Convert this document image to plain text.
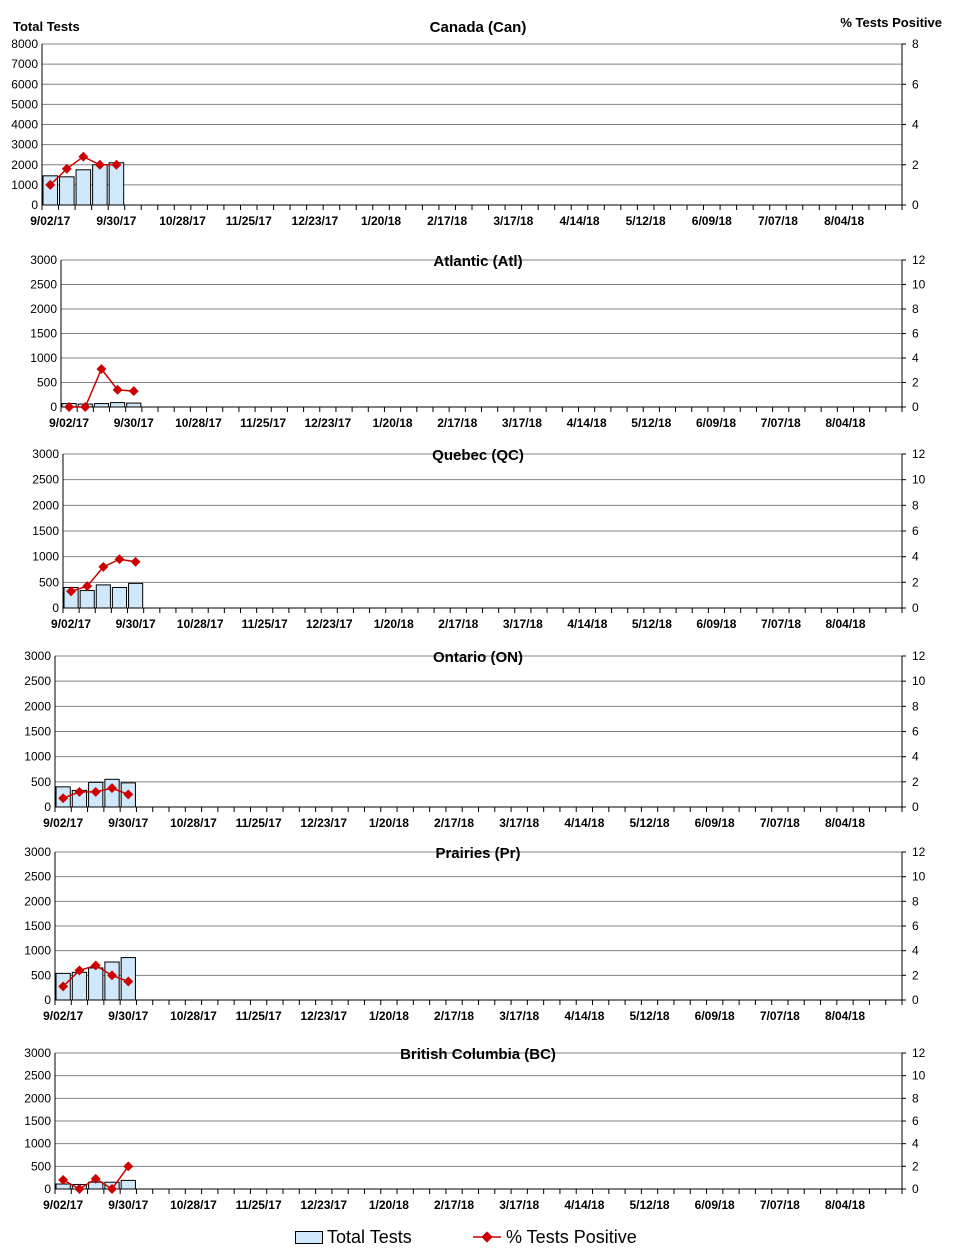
Total Tests	% Tests Positive
0
1000
2000
3000
4000
5000
6000
7000
8000
0
2
4
6
8
9/02/17 9/30/17 10/28/17 11/25/17 12/23/17 1/20/18 2/17/18 3/17/18 4/14/18 5/12/18 6/09/18 7/07/18 8/04/18
Canada (Can)
0
500
1000
1500
2000
2500
3000
0
2
4
6
8
10
12
9/02/17 9/30/17 10/28/17 11/25/17 12/23/17 1/20/18 2/17/18 3/17/18 4/14/18 5/12/18 6/09/18 7/07/18 8/04/18
Atlantic (Atl)
0
500
1000
1500
2000
2500
3000
0
2
4
6
8
10
12
9/02/17 9/30/17 10/28/17 11/25/17 12/23/17 1/20/18 2/17/18 3/17/18 4/14/18 5/12/18 6/09/18 7/07/18 8/04/18
Quebec (QC)
0
500
1000
1500
2000
2500
3000
0
2
4
6
8
10
12
9/02/17 9/30/17 10/28/17 11/25/17 12/23/17 1/20/18 2/17/18 3/17/18 4/14/18 5/12/18 6/09/18 7/07/18 8/04/18
Ontario (ON)
0
500
1000
1500
2000
2500
3000
0
2
4
6
8
10
12
9/02/17 9/30/17 10/28/17 11/25/17 12/23/17 1/20/18 2/17/18 3/17/18 4/14/18 5/12/18 6/09/18 7/07/18 8/04/18
Prairies (Pr)
0
500
1000
1500
2000
2500
3000
0
2
4
6
8
10
12
9/02/17 9/30/17 10/28/17 11/25/17 12/23/17 1/20/18 2/17/18 3/17/18 4/14/18 5/12/18 6/09/18 7/07/18 8/04/18
British Columbia (BC)
Total Tests	% Tests Positive
